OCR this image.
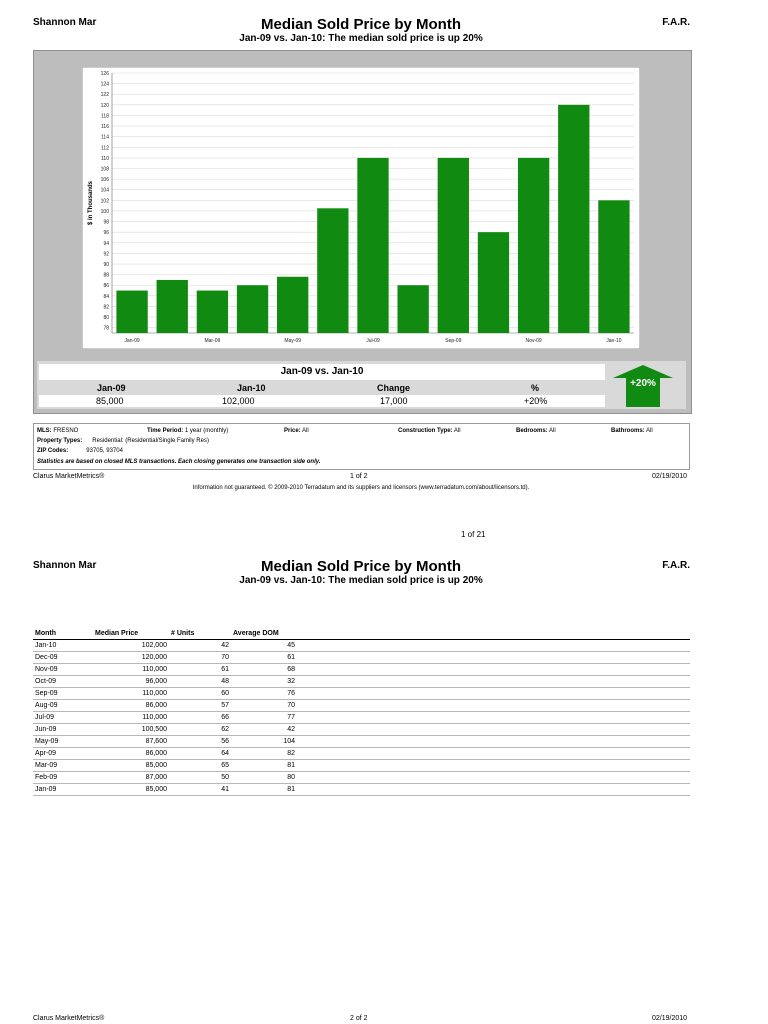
Shannon Mar	F.A.R.
Median Sold Price by Month
Jan-09 vs. Jan-10: The median sold price is up 20%
78
80
82
84
86
88
90
92
94
96
98
100
102
104
106
108
110
112
114
116
118
120
122
124
126
Jan-09	Mar-09	May-09	Jul-09	Sep-09	Nov-09	Jan-10
$ in Thousands
Jan-09 vs. Jan-10
Jan-09	Jan-10	Change	%
85,000	102,000	17,000	+20%
+20%
MLS: FRESNO	Time Period: 1 year (monthly)	Price: All	Construction Type: All	Bedrooms: All	Bathrooms: All
Property Types: Residential: (Residential/Single Family Res)
ZIP Codes:	93705, 93704
Statistics are based on closed MLS transactions. Each closing generates one transaction side only.
Clarus MarketMetrics®	1 of 2	02/19/2010
Information not guaranteed. © 2009-2010 Terradatum and its suppliers and licensors (www.terradatum.com/about/licensors.td).
1 of 21
Shannon Mar	F.A.R.
Median Sold Price by Month
Jan-09 vs. Jan-10: The median sold price is up 20%
Month	Median Price	# Units	Average DOM	
Jan-10	102,000	42	45	
Dec-09	120,000	70	61	
Nov-09	110,000	61	68	
Oct-09	96,000	48	32	
Sep-09	110,000	60	76	
Aug-09	86,000	57	70	
Jul-09	110,000	66	77	
Jun-09	100,500	62	42	
May-09	87,600	56	104	
Apr-09	86,000	64	82	
Mar-09	85,000	65	81	
Feb-09	87,000	50	80	
Jan-09	85,000	41	81	
Clarus MarketMetrics®	2 of 2	02/19/2010
